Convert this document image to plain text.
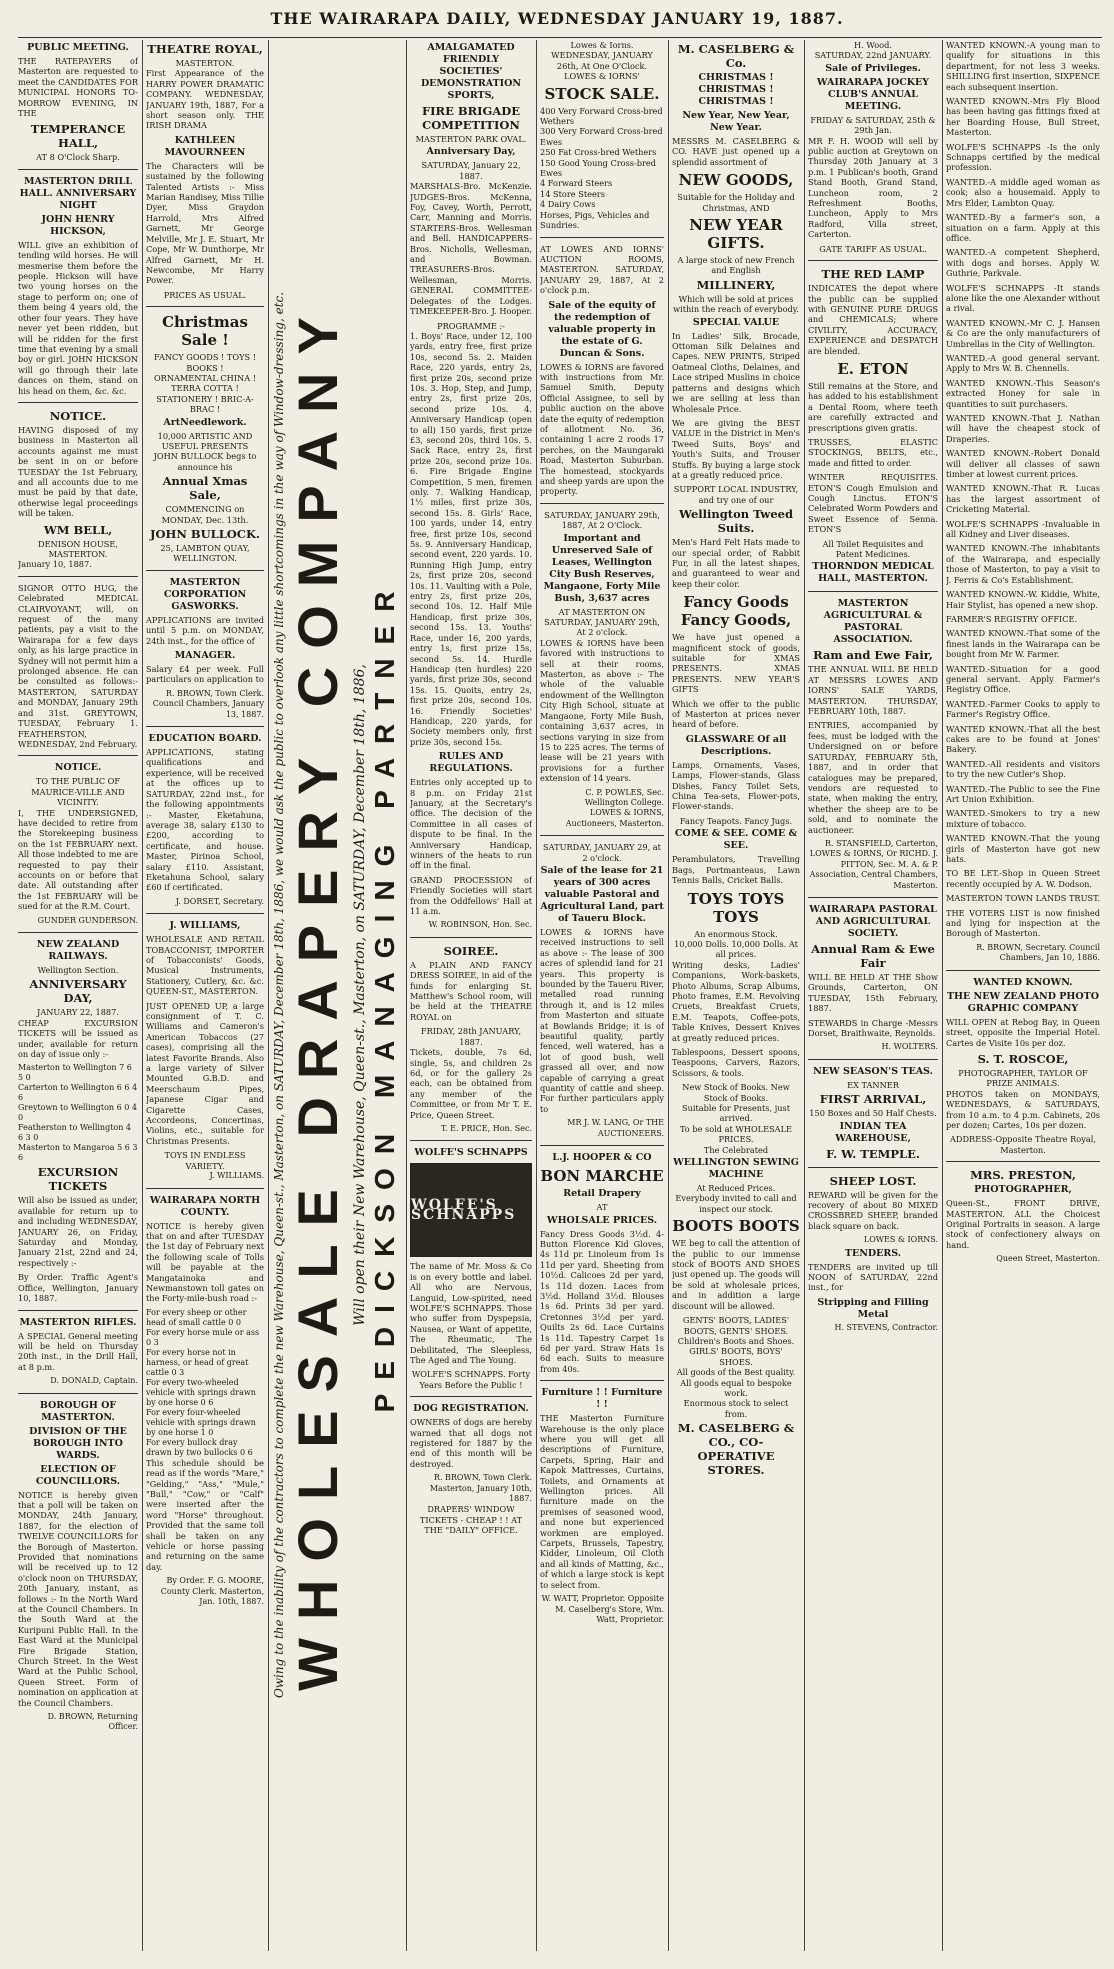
THE WAIRARAPA DAILY, WEDNESDAY JANUARY 19, 1887.
PUBLIC MEETING.

THE RATEPAYERS of Masterton are requested to meet the CANDIDATES FOR MUNICIPAL HONORS TO-MORROW EVENING, IN THE

TEMPERANCE HALL,
AT 8 O'Clock Sharp.
MASTERTON DRILL HALL. ANNIVERSARY NIGHT
JOHN HENRY HICKSON,

WILL give an exhibition of tending wild horses. He will mesmerise them before the people. Hickson will have two young horses on the stage to perform on; one of them being 4 years old, the other four years. They have never yet been ridden, but will be ridden for the first time that evening by a small boy or girl. JOHN HICKSON will go through their late dances on them, stand on his head on them, &c. &c.

NOTICE.

HAVING disposed of my business in Masterton all accounts against me must be sent in on or before TUESDAY the 1st February, and all accounts due to me must be paid by that date, otherwise legal proceedings will be taken.

WM BELL,
DENISON HOUSE, MASTERTON.
January 10, 1887.

SIGNOR OTTO HUG, the Celebrated MEDICAL CLAIRVOYANT, will, on request of the many patients, pay a visit to the Wairarapa for a few days only, as his large practice in Sydney will not permit him a prolonged absence. He can be consulted as follows:- MASTERTON, SATURDAY and MONDAY, January 29th and 31st. GREYTOWN, TUESDAY, February 1. FEATHERSTON, WEDNESDAY, 2nd February.

NOTICE.
TO THE PUBLIC OF MAURICE-VILLE AND VICINITY.

I, THE UNDERSIGNED, have decided to retire from the Storekeeping business on the 1st FEBRUARY next. All those indebted to me are requested to pay their accounts on or before that date. All outstanding after the 1st FEBRUARY will be sued for at the R.M. Court.

GUNDER GUNDERSON.
NEW ZEALAND RAILWAYS.
Wellington Section.
ANNIVERSARY DAY,
JANUARY 22, 1887.

CHEAP EXCURSION TICKETS will be issued as under, available for return on day of issue only :-

Masterton to Wellington 7 6 5 0
Carterton to Wellington 6 6 4 6
Greytown to Wellington 6 0 4 0
Featherston to Wellington 4 6 3 0
Masterton to Mangaroa 5 6 3 6
EXCURSION TICKETS

Will also be issued as under, available for return up to and including WEDNESDAY, JANUARY 26, on Friday, Saturday and Monday, January 21st, 22nd and 24, respectively :-

By Order. Traffic Agent's Office, Wellington, January 10, 1887.

MASTERTON RIFLES.

A SPECIAL General meeting will be held on Thursday 20th inst., in the Drill Hall, at 8 p.m.

D. DONALD, Captain.
BOROUGH OF MASTERTON.
DIVISION OF THE BOROUGH INTO WARDS.
ELECTION OF COUNCILLORS.

NOTICE is hereby given that a poll will be taken on MONDAY, 24th January, 1887, for the election of TWELVE COUNCILLORS for the Borough of Masterton. Provided that nominations will be received up to 12 o'clock noon on THURSDAY, 20th January, instant, as follows :- In the North Ward at the Council Chambers. In the South Ward at the Kuripuni Public Hall. In the East Ward at the Municipal Fire Brigade Station, Church Street. In the West Ward at the Public School, Queen Street. Form of nomination on application at the Council Chambers.

D. BROWN, Returning Officer.
THEATRE ROYAL,
MASTERTON.

First Appearance of the HARRY POWER DRAMATIC COMPANY. WEDNESDAY, JANUARY 19th, 1887, For a short season only. THE IRISH DRAMA

KATHLEEN MAVOURNEEN

The Characters will be sustained by the following Talented Artists :- Miss Marian Randisey, Miss Tillie Dyer, Miss Graydon Harrold, Mrs Alfred Garnett, Mr George Melville, Mr J. E. Stuart, Mr Cope, Mr W. Dunthorpe, Mr Alfred Garnett, Mr H. Newcombe, Mr Harry Power.

PRICES AS USUAL.
Christmas Sale !
FANCY GOODS ! TOYS ! BOOKS !
ORNAMENTAL CHINA !
TERRA COTTA !
STATIONERY ! BRIC-A-BRAC !
ArtNeedlework.
10,000 ARTISTIC AND USEFUL PRESENTS
JOHN BULLOCK begs to announce his
Annual Xmas Sale,
COMMENCING on MONDAY, Dec. 13th.
JOHN BULLOCK.
25, LAMBTON QUAY, WELLINGTON.
MASTERTON CORPORATION GASWORKS.

APPLICATIONS are invited until 5 p.m. on MONDAY, 24th inst., for the office of

MANAGER.

Salary £4 per week. Full particulars on application to

R. BROWN, Town Clerk. Council Chambers, January 13, 1887.
EDUCATION BOARD.

APPLICATIONS, stating qualifications and experience, will be received at the offices up to SATURDAY, 22nd inst., for the following appointments :- Master, Eketahuna, average 38, salary £130 to £200, according to certificate, and house. Master, Pirinoa School, salary £110. Assistant, Eketahuna School, salary £60 if certificated.

J. DORSET, Secretary.
J. WILLIAMS,

WHOLESALE AND RETAIL TOBACCONIST, IMPORTER of Tobacconists' Goods, Musical Instruments, Stationery, Cutlery, &c. &c. QUEEN-ST., MASTERTON.

JUST OPENED UP, a large consignment of T. C. Williams and Cameron's American Tobaccos (27 cases), comprising all the latest Favorite Brands. Also a large variety of Silver Mounted G.B.D. and Meerschaum Pipes, Japanese Cigar and Cigarette Cases, Accordeons, Concertinas, Violins, etc., suitable for Christmas Presents.

TOYS IN ENDLESS VARIETY.
J. WILLIAMS.
WAIRARAPA NORTH COUNTY.

NOTICE is hereby given that on and after TUESDAY the 1st day of February next the following scale of Tolls will be payable at the Mangatainoka and Newmanstown toll gates on the Forty-mile-bush road :-

For every sheep or other head of small cattle 0 0
For every horse mule or ass 0 3
For every horse not in harness, or head of great cattle 0 3
For every two-wheeled vehicle with springs drawn by one horse 0 6
For every four-wheeled vehicle with springs drawn by one horse 1 0
For every bullock dray drawn by two bullocks 0 6

This schedule should be read as if the words "Mare," "Gelding," "Ass," "Mule," "Bull," "Cow," or "Calf" were inserted after the word "Horse" throughout. Provided that the same toll shall be taken on any vehicle or horse passing and returning on the same day.

By Order. F. G. MOORE, County Clerk. Masterton, Jan. 10th, 1887. Owing to the inability of the contractors to complete the new Warehouse, Queen-st., Masterton, on SATURDAY, December 18th, 1886, we would ask the public to overlook any little shortcomings in the way of Window-dressing, etc. WHOLESALE DRAPERY COMPANY Will open their New Warehouse, Queen-st., Masterton, on SATURDAY, December 18th, 1886, PEDICKSON MANAGING PARTNER
AMALGAMATED FRIENDLY SOCIETIES' DEMONSTRATION SPORTS,
FIRE BRIGADE COMPETITION
MASTERTON PARK OVAL.
Anniversary Day,
SATURDAY, January 22, 1887.

MARSHALS-Bro. McKenzie. JUDGES-Bros. McKenna, Foy, Cavey, Worth, Perrott, Carr, Manning and Morris. STARTERS-Bros. Wellesman and Bell. HANDICAPPERS-Bros. Nicholls, Wellesman, and Bowman. TREASURERS-Bros. Wellesman, Morris. GENERAL COMMITTEE-Delegates of the Lodges. TIMEKEEPER-Bro. J. Hooper.

PROGRAMME :-

1. Boys' Race, under 12, 100 yards, entry free, first prize 10s, second 5s. 2. Maiden Race, 220 yards, entry 2s, first prize 20s, second prize 10s. 3. Hop, Step, and Jump, entry 2s, first prize 20s, second prize 10s. 4. Anniversary Handicap (open to all) 150 yards, first prize £3, second 20s, third 10s. 5. Sack Race, entry 2s, first prize 20s, second prize 10s. 6. Fire Brigade Engine Competition, 5 men, firemen only. 7. Walking Handicap, 1½ miles, first prize 30s, second 15s. 8. Girls' Race, 100 yards, under 14, entry free, first prize 10s, second 5s. 9. Anniversary Handicap, second event, 220 yards. 10. Running High Jump, entry 2s, first prize 20s, second 10s. 11. Vaulting with a Pole, entry 2s, first prize 20s, second 10s. 12. Half Mile Handicap, first prize 30s, second 15s. 13. Youths' Race, under 16, 200 yards, entry 1s, first prize 15s, second 5s. 14. Hurdle Handicap (ten hurdles) 220 yards, first prize 30s, second 15s. 15. Quoits, entry 2s, first prize 20s, second 10s. 16. Friendly Societies' Handicap, 220 yards, for Society members only, first prize 30s, second 15s.

RULES AND REGULATIONS.

Entries only accepted up to 8 p.m. on Friday 21st January, at the Secretary's office. The decision of the Committee in all cases of dispute to be final. In the Anniversary Handicap, winners of the heats to run off in the final.

GRAND PROCESSION of Friendly Societies will start from the Oddfellows' Hall at 11 a.m.

W. ROBINSON, Hon. Sec.
SOIREE.

A PLAIN AND FANCY DRESS SOIREE, in aid of the funds for enlarging St. Matthew's School room, will be held at the THEATRE ROYAL on

FRIDAY, 28th JANUARY, 1887.

Tickets, double, 7s 6d, single, 5s, and children 2s 6d, or for the gallery 2s each, can be obtained from any member of the Committee, or from Mr T. E. Price, Queen Street.

T. E. PRICE, Hon. Sec.
WOLFE'S SCHNAPPS
WOLFE'S SCHNAPPS

The name of Mr. Moss & Co is on every bottle and label. All who are Nervous, Languid, Low-spirited, need WOLFE'S SCHNAPPS. Those who suffer from Dyspepsia, Nausea, or Want of appetite, The Rheumatic, The Debilitated, The Sleepless, The Aged and The Young.

WOLFE'S SCHNAPPS. Forty Years Before the Public !
DOG REGISTRATION.

OWNERS of dogs are hereby warned that all dogs not registered for 1887 by the end of this month will be destroyed.

R. BROWN, Town Clerk. Masterton, January 10th, 1887.
DRAPERS' WINDOW TICKETS - CHEAP ! ! AT THE "DAILY" OFFICE.
Lowes & Iorns.
WEDNESDAY, JANUARY 26th, At One O'Clock.
LOWES & IORNS'
STOCK SALE.
400 Very Forward Cross-bred Wethers
300 Very Forward Cross-bred Ewes
250 Fat Cross-bred Wethers
150 Good Young Cross-bred Ewes
4 Forward Steers
14 Store Steers
4 Dairy Cows
Horses, Pigs, Vehicles and Sundries.

AT LOWES AND IORNS' AUCTION ROOMS, MASTERTON. SATURDAY, JANUARY 29, 1887, At 2 o'clock p.m.

Sale of the equity of the redemption of valuable property in the estate of G. Duncan & Sons.

LOWES & IORNS are favored with instructions from Mr. Samuel Smith, Deputy Official Assignee, to sell by public auction on the above date the equity of redemption of allotment No. 36, containing 1 acre 2 roods 17 perches, on the Maungaraki Road, Masterton Suburban. The homestead, stockyards and sheep yards are upon the property.

SATURDAY, JANUARY 29th, 1887, At 2 O'Clock.
Important and Unreserved Sale of Leases, Wellington City Bush Reserves, Mangaone, Forty Mile Bush, 3,637 acres
AT MASTERTON ON SATURDAY, JANUARY 29th, At 2 o'clock.

LOWES & IORNS have been favored with instructions to sell at their rooms, Masterton, as above :- The whole of the valuable endowment of the Wellington City High School, situate at Mangaone, Forty Mile Bush, containing 3,637 acres, in sections varying in size from 15 to 225 acres. The terms of lease will be 21 years with provisions for a further extension of 14 years.

C. P. POWLES, Sec. Wellington College.
LOWES & IORNS, Auctioneers, Masterton.
SATURDAY, JANUARY 29, at 2 o'clock.
Sale of the lease for 21 years of 300 acres valuable Pastoral and Agricultural Land, part of Taueru Block.

LOWES & IORNS have received instructions to sell as above :- The lease of 300 acres of splendid land for 21 years. This property is bounded by the Taueru River, metalled road running through it, and is 12 miles from Masterton and situate at Bowlands Bridge; it is of beautiful quality, partly fenced, well watered, has a lot of good bush, well grassed all over, and now capable of carrying a great quantity of cattle and sheep. For further particulars apply to

MR J. W. LANG, Or THE AUCTIONEERS.
L.J. HOOPER & CO
BON MARCHE
Retail Drapery
AT
WHOLSALE PRICES.

Fancy Dress Goods 3½d. 4-Button Florence Kid Gloves, 4s 11d pr. Linoleum from 1s 11d per yard. Sheeting from 10½d. Calicoes 2d per yard, 1s 11d dozen. Laces from 3½d. Holland 3½d. Blouses 1s 6d. Prints 3d per yard. Cretonnes 3½d per yard. Quilts 2s 6d. Lace Curtains 1s 11d. Tapestry Carpet 1s 6d per yard. Straw Hats 1s 6d each. Suits to measure from 40s.

Furniture ! ! Furniture ! !

THE Masterton Furniture Warehouse is the only place where you will get all descriptions of Furniture, Carpets, Spring, Hair and Kapok Mattresses, Curtains, Toilets, and Ornaments at Wellington prices. All furniture made on the premises of seasoned wood, and none but experienced workmen are employed. Carpets, Brussels, Tapestry, Kidder, Linoleum, Oil Cloth and all kinds of Matting, &c., of which a large stock is kept to select from.

W. WATT, Proprietor. Opposite M. Caselberg's Store, Wm. Watt, Proprietor.
M. CASELBERG & Co.
CHRISTMAS ! CHRISTMAS ! CHRISTMAS !
New Year, New Year, New Year.

MESSRS M. CASELBERG & CO. HAVE just opened up a splendid assortment of

NEW GOODS,
Suitable for the Holiday and Christmas, AND
NEW YEAR GIFTS.
A large stock of new French and English
MILLINERY,
Which will be sold at prices within the reach of everybody.
SPECIAL VALUE

In Ladies' Silk, Brocade, Ottoman Silk Delaines and Capes. NEW PRINTS, Striped Oatmeal Cloths, Delaines, and Lace striped Muslins in choice patterns and designs which we are selling at less than Wholesale Price.

We are giving the BEST VALUE in the District in Men's Tweed Suits, Boys' and Youth's Suits, and Trouser Stuffs. By buying a large stock at a greatly reduced price.

SUPPORT LOCAL INDUSTRY, and try one of our
Wellington Tweed Suits.

Men's Hard Felt Hats made to our special order, of Rabbit Fur, in all the latest shapes, and guaranteed to wear and keep their color.

Fancy Goods Fancy Goods,

We have just opened a magnificent stock of goods, suitable for XMAS PRESENTS. XMAS PRESENTS. NEW YEAR'S GIFTS

Which we offer to the public of Masterton at prices never heard of before.

GLASSWARE Of all Descriptions.

Lamps, Ornaments, Vases, Lamps, Flower-stands, Glass Dishes, Fancy Toilet Sets, China Tea-sets, Flower-pots, Flower-stands.

Fancy Teapots. Fancy Jugs.
COME & SEE. COME & SEE.

Perambulators, Travelling Bags, Portmanteaus, Lawn Tennis Balls, Cricket Balls.

TOYS TOYS TOYS
An enormous Stock.
10,000 Dolls. 10,000 Dolls. At all prices.

Writing desks, Ladies' Companions, Work-baskets, Photo Albums, Scrap Albums, Photo frames, E.M. Revolving Cruets, Breakfast Cruets, E.M. Teapots, Coffee-pots, Table Knives, Dessert Knives at greatly reduced prices.

Tablespoons, Dessert spoons, Teaspoons, Carvers, Razors, Scissors, & tools.

New Stock of Books. New Stock of Books.
Suitable for Presents, just arrived.
To be sold at WHOLESALE PRICES.
The Celebrated
WELLINGTON SEWING MACHINE
At Reduced Prices.
Everybody invited to call and inspect our stock.
BOOTS BOOTS

WE beg to call the attention of the public to our immense stock of BOOTS AND SHOES just opened up. The goods will be sold at wholesale prices, and in addition a large discount will be allowed.

GENTS' BOOTS, LADIES' BOOTS, GENTS' SHOES.
Children's Boots and Shoes.
GIRLS' BOOTS, BOYS' SHOES.
All goods of the Best quality. All goods equal to bespoke work.
Enormous stock to select from.
M. CASELBERG & CO., CO-OPERATIVE STORES.
H. Wood.
SATURDAY, 22nd JANUARY.
Sale of Privileges.
WAIRARAPA JOCKEY CLUB'S ANNUAL MEETING.
FRIDAY & SATURDAY, 25th & 29th Jan.

MR F. H. WOOD will sell by public auction at Greytown on Thursday 20th January at 3 p.m. 1 Publican's booth, Grand Stand Booth, Grand Stand, Luncheon room, 2 Refreshment Booths, Luncheon, Apply to Mrs Radford, Villa street, Carterton.

GATE TARIFF AS USUAL.
THE RED LAMP

INDICATES the depot where the public can be supplied with GENUINE PURE DRUGS and CHEMICALS; where CIVILITY, ACCURACY, EXPERIENCE and DESPATCH are blended.

E. ETON

Still remains at the Store, and has added to his establishment a Dental Room, where teeth are carefully extracted and prescriptions given gratis.

TRUSSES, ELASTIC STOCKINGS, BELTS, etc., made and fitted to order.

WINTER REQUISITES. ETON'S Cough Emulsion and Cough Linctus. ETON'S Celebrated Worm Powders and Sweet Essence of Senna. ETON'S

All Toilet Requisites and Patent Medicines.
THORNDON MEDICAL HALL, MASTERTON.
MASTERTON AGRICULTURAL & PASTORAL ASSOCIATION.
Ram and Ewe Fair,

THE ANNUAL WILL BE HELD AT MESSRS LOWES AND IORNS' SALE YARDS, MASTERTON. THURSDAY, FEBRUARY 10th, 1887.

ENTRIES, accompanied by fees, must be lodged with the Undersigned on or before SATURDAY, FEBRUARY 5th, 1887, and in order that catalogues may be prepared, vendors are requested to state, when making the entry, whether the sheep are to be sold, and to nominate the auctioneer.

R. STANSFIELD, Carterton, LOWES & IORNS, Or RICHD. J. PITTON, Sec. M. A. & P. Association, Central Chambers, Masterton.
WAIRARAPA PASTORAL AND AGRICULTURAL SOCIETY.
Annual Ram & Ewe Fair

WILL BE HELD AT THE Show Grounds, Carterton, ON TUESDAY, 15th February, 1887.

STEWARDS in Charge -Messrs Dorset, Braithwaite, Reynolds.

H. WOLTERS.
NEW SEASON'S TEAS.
EX TANNER
FIRST ARRIVAL,
150 Boxes and 50 Half Chests.
INDIAN TEA WAREHOUSE,
F. W. TEMPLE.
SHEEP LOST.

REWARD will be given for the recovery of about 80 MIXED CROSSBRED SHEEP, branded black square on back.

LOWES & IORNS.
TENDERS.

TENDERS are invited up till NOON of SATURDAY, 22nd inst., for

Stripping and Filling Metal
H. STEVENS, Contractor.

WANTED KNOWN.-A young man to qualify for situations in this department, for not less 3 weeks. SHILLING first insertion, SIXPENCE each subsequent insertion.

WANTED KNOWN.-Mrs Fly Blood has been having gas fittings fixed at her Boarding House, Bull Street, Masterton.

WOLFE'S SCHNAPPS -Is the only Schnapps certified by the medical profession.

WANTED.-A middle aged woman as cook; also a housemaid. Apply to Mrs Elder, Lambton Quay.

WANTED.-By a farmer's son, a situation on a farm. Apply at this office.

WANTED.-A competent Shepherd, with dogs and horses. Apply W. Guthrie, Parkvale.

WOLFE'S SCHNAPPS -It stands alone like the one Alexander without a rival.

WANTED KNOWN.-Mr C. J. Hansen & Co are the only manufacturers of Umbrellas in the City of Wellington.

WANTED.-A good general servant. Apply to Mrs W. B. Chennells.

WANTED KNOWN.-This Season's extracted Honey for sale in quantities to suit purchasers.

WANTED KNOWN.-That J. Nathan will have the cheapest stock of Draperies.

WANTED KNOWN.-Robert Donald will deliver all classes of sawn timber at lowest current prices.

WANTED KNOWN.-That R. Lucas has the largest assortment of Cricketing Material.

WOLFE'S SCHNAPPS -Invaluable in all Kidney and Liver diseases.

WANTED KNOWN.-The inhabitants of the Wairarapa, and especially those of Masterton, to pay a visit to J. Ferris & Co's Establishment.

WANTED KNOWN.-W. Kiddie, White, Hair Stylist, has opened a new shop.

FARMER'S REGISTRY OFFICE.

WANTED KNOWN.-That some of the finest lands in the Wairarapa can be bought from Mr W. Farmer.

WANTED.-Situation for a good general servant. Apply Farmer's Registry Office.

WANTED.-Farmer Cooks to apply to Farmer's Registry Office.

WANTED KNOWN.-That all the best cakes are to be found at Jones' Bakery.

WANTED.-All residents and visitors to try the new Cutler's Shop.

WANTED.-The Public to see the Fine Art Union Exhibition.

WANTED.-Smokers to try a new mixture of tobacco.

WANTED KNOWN.-That the young girls of Masterton have got new hats.

TO BE LET.-Shop in Queen Street recently occupied by A. W. Dodson.

MASTERTON TOWN LANDS TRUST.

THE VOTERS LIST is now finished and lying for inspection at the Borough of Masterton.

R. BROWN, Secretary. Council Chambers, Jan 10, 1886.
WANTED KNOWN.
THE NEW ZEALAND PHOTO GRAPHIC COMPANY

WILL OPEN at Rebog Bay, in Queen street, opposite the Imperial Hotel. Cartes de Visite 10s per doz.

S. T. ROSCOE,
PHOTOGRAPHER, TAYLOR OF PRIZE ANIMALS.

PHOTOS taken on MONDAYS, WEDNESDAYS, & SATURDAYS, from 10 a.m. to 4 p.m. Cabinets, 20s per dozen; Cartes, 10s per dozen.

ADDRESS-Opposite Theatre Royal, Masterton.
MRS. PRESTON,
PHOTOGRAPHER,

Queen-St., FRONT DRIVE, MASTERTON. ALL the Choicest Original Portraits in season. A large stock of confectionery always on hand.

Queen Street, Masterton.
